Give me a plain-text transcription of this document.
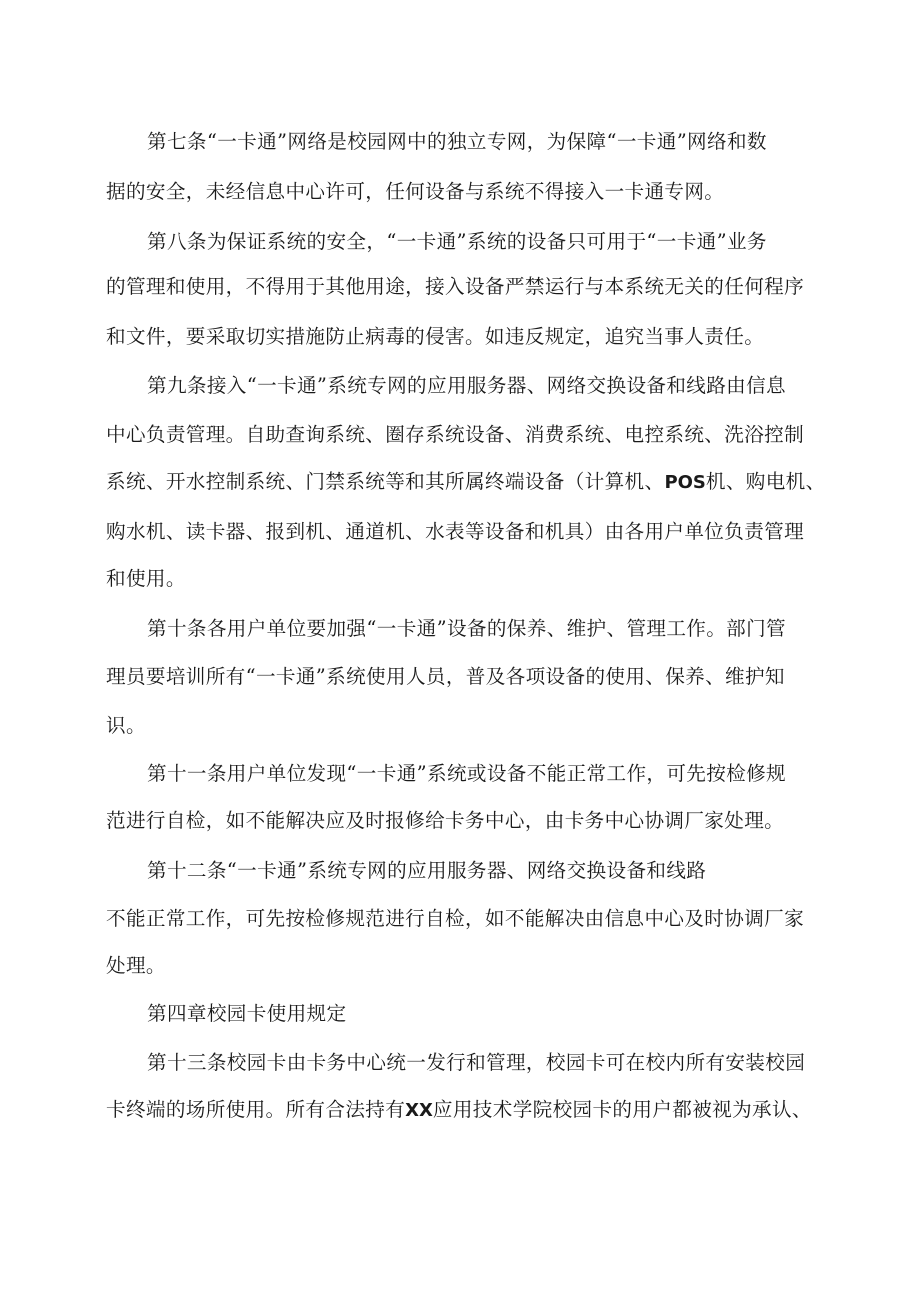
第七条“一卡通”网络是校园网中的独立专网，为保障“一卡通”网络和数
据的安全，未经信息中心许可，任何设备与系统不得接入一卡通专网。
第八条为保证系统的安全，“一卡通”系统的设备只可用于“一卡通”业务
的管理和使用，不得用于其他用途，接入设备严禁运行与本系统无关的任何程序
和文件，要采取切实措施防止病毒的侵害。如违反规定，追究当事人责任。
第九条接入“一卡通”系统专网的应用服务器、网络交换设备和线路由信息
中心负责管理。自助查询系统、圈存系统设备、消费系统、电控系统、洗浴控制
系统、开水控制系统、门禁系统等和其所属终端设备（计算机、POS机、购电机、
购水机、读卡器、报到机、通道机、水表等设备和机具）由各用户单位负责管理
和使用。
第十条各用户单位要加强“一卡通”设备的保养、维护、管理工作。部门管
理员要培训所有“一卡通”系统使用人员，普及各项设备的使用、保养、维护知
识。
第十一条用户单位发现“一卡通”系统或设备不能正常工作，可先按检修规
范进行自检，如不能解决应及时报修给卡务中心，由卡务中心协调厂家处理。
第十二条“一卡通”系统专网的应用服务器、网络交换设备和线路
不能正常工作，可先按检修规范进行自检，如不能解决由信息中心及时协调厂家
处理。
第四章校园卡使用规定
第十三条校园卡由卡务中心统一发行和管理，校园卡可在校内所有安装校园
卡终端的场所使用。所有合法持有XX应用技术学院校园卡的用户都被视为承认、
